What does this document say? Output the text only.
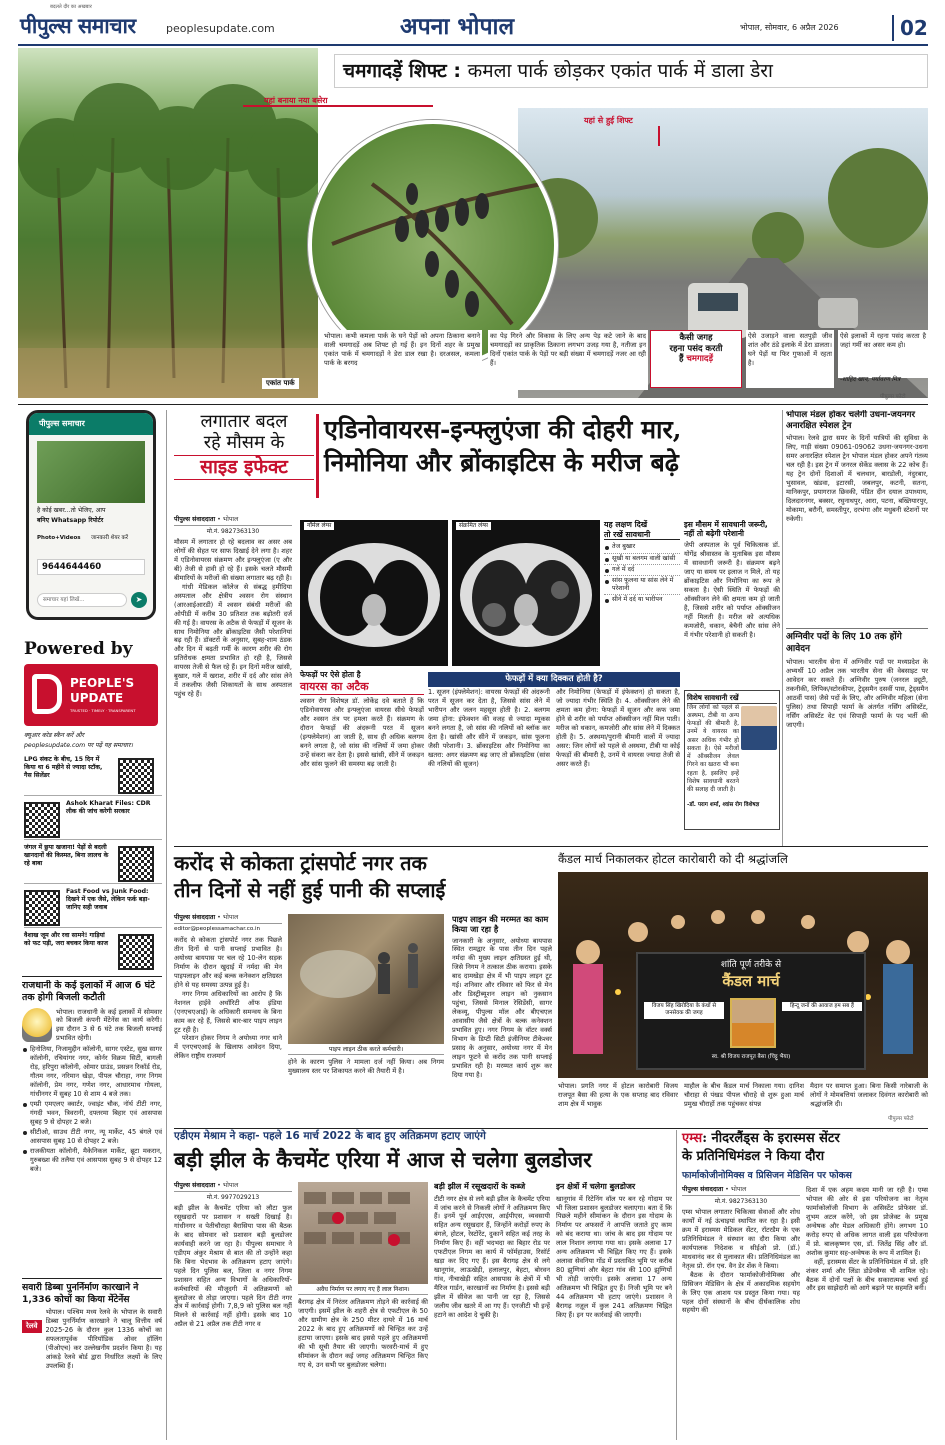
पीपुल्स समाचार
बदलते दौर का अखबार
peoplesupdate.com	अपना भोपाल	भोपाल, सोमवार, 6 अप्रैल 2026	02
एकांत पार्क
चमगादड़ें शिफ्ट : कमला पार्क छोड़कर एकांत पार्क में डाला डेरा
यहां बनाया नया बसेरा
यहां से हुई शिफ्ट
भोपाल। कभी कमला पार्क के घने पेड़ों को अपना ठिकाना बनाने वाली चमगादड़ें अब शिफ्ट हो गई हैं। इन दिनों शहर के प्रमुख एकांत पार्क में चमगादड़ों ने डेरा डाल रखा है। दरअसल, कमला पार्क के बरगद
का पेड़ गिरने और विकास के लिए अन्य पेड़ कटे जाने के बाद चमगादड़ों का प्राकृतिक ठिकाना लगभग उजड़ गया है, नतीजा इन दिनों एकांत पार्क के पेड़ों पर बड़ी संख्या में चमगादड़ें नजर आ रही हैं।
कैसी जगह
रहना पसंद करती
हैं चमगादड़ें
ऐसे उजाड़ने वाला सतपुड़ी जीव शांत और ठंडे इलाके में डेरा डालता। घने पेड़ों या फिर गुफाओं में रहता है।
ऐसे इलाकों में रहना पसंद करता है जहां गर्मी का असर कम हो।
-शाहिद खान, पर्यावरण मित्र
पीपुल्स फोटो
पीपुल्स समाचार
है कोई खबर...तो भेजिए, आप
बनिए Whatsapp रिपोर्टर
Photo+Videos जानकारी शेयर करें
9644644460
समाचार यहां लिखें...	➤
Powered by
PEOPLE'S
UPDATE
TRUSTED · TIMELY · TRANSPARENT
क्यूआर कोड स्कैन करें और
peoplesupdate.com पर पढ़ें यह समाचार।
LPG संकट के बीच, 15 दिन में किया था 6 महीने से ज्यादा स्टॉक, गैस सिलेंडर
Ashok Kharat Files: CDR लीक की जांच करेगी सरकार
जंगल में छुपा खजाना! पेड़ों से बदली खानदानों की किस्मत, बिना लालच के रहे बाबा
Fast Food vs Junk Food: दिखने में एक जैसे, लेकिन फर्क बड़ा- जानिए सही जवाब
वैशाख जूम और रवा सामने! गाड़ियां को फट पड़ी, जरा बचकर किया काज
राजधानी के कई इलाकों में आज 6 घंटे तक होगी बिजली कटौती
भोपाल। राजधानी के कई इलाकों में सोमवार को बिजली कंपनी मेंटेनेंस का कार्य करेगी। इस दौरान 3 से 6 घंटे तक बिजली सप्लाई प्रभावित रहेगी।
हिनोतिया, निजामुद्दीन कॉलोनी, सागर एस्टेट, सुख सागर कॉलोनी, रचियांगर नगर, कोर्नर विक्रम सिटी, बागली रोड़, हरिपुरा कॉलोनी, ओमार ग्राउंड, प्रसन्नन रिकॉर्ड रोड, गौतम नगर, नरिमान खेड़ा, पीपल चौराहा, नगर निगम कॉलोनी, प्रेम नगर, गणेश नगर, आधारमाथ गोयला, गांधीनगर में सुबह 10 से शाम 4 बजे तक।
एम्प्री एमएलए क्वार्टर, ज्वाइंट चौक, नॉर्थ टीटी नगर, गंगदी भवन, त्रिवरानी, दफ्तरमा बिहार एवं आसपास सुबह 9 से दोपहर 2 बजे।
सीटीओ, साउथ टीटी नगर, न्यू मार्केट, 45 बंगले एवं आसपास सुबह 10 से दोपहर 2 बजे।
राजकीयता कॉलोनी, मैकेनिकल मार्केट, ब्रूटा मकरान, गुरुबख्श की तलैया एवं आसपास सुबह 9 से दोपहर 12 बजे।
सवारी डिब्बा पुनर्निर्माण कारखाने ने 1,336 कोचों का किया मेंटेनेंस
रेलवे
भोपाल। पश्चिम मध्य रेलवे के भोपाल के सवारी डिब्बा पुनर्निर्माण कारखाने ने चालू वित्तीय वर्ष 2025-26 के दौरान कुल 1336 कोचों का सफलतापूर्वक पीरियॉडिक ओवर हॉलिंग (पीओएच) कर उल्लेखनीय प्रदर्शन किया है। यह आंकड़े रेलवे बोर्ड द्वारा निर्धारित लक्ष्यों के लिए उपलब्धि हैं।
लगातार बदल
रहे मौसम के
साइड इफेक्ट
एडिनोवायरस-इन्फ्लुएंजा की दोहरी मार,
निमोनिया और ब्रोंकाइटिस के मरीज बढ़े
पीपुल्स संवाददाता • भोपाल
मो.नं. 9827363130

मौसम में लगातार हो रहे बदलाव का असर अब लोगों की सेहत पर साफ दिखाई देने लगा है। शहर में एडिनोवायरस संक्रमण और इन्फ्लुएंजा (ए और बी) तेजी से हावी हो रहे हैं। इसके चलते मौसमी बीमारियों के मरीजों की संख्या लगातार बढ़ रही है।

गांधी मेडिकल कॉलेज से संबद्ध हमीदिया अस्पताल और क्षेत्रीय श्वसन रोग संस्थान (आरआईआरडी) में श्वसन संबंधी मरीजों की ओपीडी में करीब 30 प्रतिशत तक बढ़ोतरी दर्ज की गई है। वायरस के अटैक से फेफड़ों में सूजन के साथ निमोनिया और ब्रोंकाइटिस जैसी परेशानियां बढ़ रही हैं। डॉक्टरों के अनुसार, सुबह-शाम ठंडक और दिन में बढ़ती गर्मी के कारण शरीर की रोग प्रतिरोधक क्षमता प्रभावित हो रही है, जिससे वायरस तेजी से फैल रहे हैं। इन दिनों मरीज खांसी, बुखार, गले में खराश, शरीर में दर्द और सांस लेने में तकलीफ जैसी शिकायतों के साथ अस्पताल पहुंच रहे हैं।

नॉर्मल लंग्स	संक्रमित लंग्स	यह लक्षण दिखें
तो रखें सावधानी
तेज बुखार
सूखी या बलगम वाली खांसी
गले में दर्द
सांस फूलना या सांस लेने में परेशानी
सीने में दर्द या भारीपन
इस मौसम में सावधानी जरूरी,
नहीं तो बढ़ेगी परेशानी
जेपी अस्पताल के पूर्व चिकित्सक डॉ. योगेंद्र श्रीवास्तव के मुताबिक इस मौसम में सावधानी जरूरी है। संक्रमण बढ़ने जाए या समय पर इलाज न मिले, तो यह ब्रोंकाइटिस और निमोनिया का रूप ले सकता है। ऐसी स्थिति में फेफड़ों की ऑक्सीजन लेने की क्षमता कम हो जाती है, जिससे शरीर को पर्याप्त ऑक्सीजन नहीं मिलती है। मरीज को अत्यधिक कमजोरी, थकान, बेचैनी और सांस लेने में गंभीर परेशानी हो सकती है।
फेफड़ों पर ऐसे होता है
वायरस का अटैक
श्वसन रोग विशेषज्ञ डॉ. लोकेंद्र दवे बताते हैं कि एडिनोवायरस और इन्फ्लुएंजा वायरस सीधे फेफड़ों और श्वसन तंत्र पर हमला करते हैं। संक्रमण के दौरान फेफड़ों की अंदरूनी परत में सूजन (इन्फ्लेमेशन) आ जाती है, साथ ही अधिक बलगम बनने लगता है, जो सांस की नलियों में जमा होकर उन्हें संकरा कर देता है। इससे खांसी, सीने में जकड़न और सांस फूलने की समस्या बढ़ जाती है।
फेफड़ों में क्या दिक्कत होती है?
1. सूजन (इंफ्लेमेशन): वायरस फेफड़ों की अंदरूनी परत में सूजन कर देता है, जिससे सांस लेने में भारीपन और जलन महसूस होती है। 2. बलगम जमा होना: इंफेक्शन की वजह से ज्यादा म्यूकस बनने लगता है, जो सांस की नलियों को ब्लॉक कर देता है। खांसी और सीने में जकड़न, सांस फूलना जैसी परेशानी। 3. ब्रोंकाइटिस और निमोनिया का खतरा: अगर संक्रमण बढ़ जाए तो ब्रोंकाइटिस (सांस की नलियों की सूजन)
और निमोनिया (फेफड़ों में इंफेक्शन) हो सकता है, जो ज्यादा गंभीर स्थिति है। 4. ऑक्सीजन लेने की क्षमता कम होना: फेफड़ों में सूजन और कफ जमा होने से शरीर को पर्याप्त ऑक्सीजन नहीं मिल पाती। मरीज को थकान, कमजोरी और सांस लेने में दिक्कत होती है। 5. अस्थमा/पुरानी बीमारी वालों में ज्यादा असर: जिन लोगों को पहले से अस्थमा, टीबी या कोई फेफड़ों की बीमारी है, उनमें ये वायरस ज्यादा तेजी से असर करते हैं।
विशेष सावधानी रखें
जिन लोगों को पहले से अस्थमा, टीबी या अन्य फेफड़ों की बीमारी है, उनमें ये वायरस का असर अधिक गंभीर हो सकता है। ऐसे मरीजों में ऑक्सीजन लेवल गिरने का खतरा भी बना रहता है, इसलिए इन्हें विशेष सावधानी बरतने की सलाह दी जाती है।
-डॉ. पराग शर्मा, श्वांस रोग विशेषज्ञ
भोपाल मंडल होकर चलेगी उधना-जयनगर अनारक्षित स्पेशल ट्रेन
भोपाल। रेलवे द्वारा समर के दिनों यात्रियों की सुविधा के लिए, गाड़ी संख्या 09061-09062 उधना-जयनगर-उधना समर अनारक्षित स्पेशल ट्रेन भोपाल मंडल होकर अपने गंतव्य चल रही है। इस ट्रेन में जनरल सेकेंड क्लास के 22 कोच हैं। यह ट्रेन दोनों दिशाओं में चलथान, बारडोली, नंदुरबार, भुसावल, खंडवा, इटारसी, जबलपुर, कटनी, सतना, मानिकपुर, प्रयागराज छिवकी, पंडित दीन दयाल उपाध्याय, दिलदारनगर, बक्सर, रघुनाथपुर, आरा, पटना, बख्तियारपुर, मोकामा, बरौनी, समस्तीपुर, दरभंगा और मधुबनी स्टेशनों पर रुकेगी।
अग्निवीर पदों के लिए 10 तक होंगे आवेदन
भोपाल। भारतीय सेना में अग्निवीर पदों पर मध्यप्रदेश के अभ्यर्थी 10 अप्रैल तक भारतीय सेना की वेबसाइट पर आवेदन कर सकते हैं। अग्निवीर पुरुष (जनरल ड्यूटी, तकनीकी, लिपिक/स्टोरकीपर, ट्रेड्समैन दसवीं पास, ट्रेड्समैन आठवीं पास) जैसे पदों के लिए, और अग्निवीर महिला (सेना पुलिस) तथा सिपाही फार्मा के अंतर्गत नर्सिंग असिस्टेंट, नर्सिंग असिस्टेंट वेट एवं सिपाही फार्मा के पद भर्ती की जाएगी।
करोंद से कोकता ट्रांसपोर्ट नगर तक
तीन दिनों से नहीं हुई पानी की सप्लाई
पीपुल्स संवाददाता • भोपाल
editor@peoplessamachar.co.in

करोंद से कोकता ट्रांसपोर्ट नगर तक पिछले तीन दिनों से पानी सप्लाई प्रभावित है। अयोध्या बायपास पर चल रहे 10-लेन सड़क निर्माण के दौरान खुदाई में नर्मदा की मेन पाइपलाइन और कई बल्क कनेक्शन क्षतिग्रस्त होने से यह समस्या उत्पन्न हुई है।

नगर निगम अधिकारियों का आरोप है कि नेशनल हाईवे अथॉरिटी ऑफ इंडिया (एनएचएआई) के अधिकारी समन्वय के बिना काम कर रहे हैं, जिससे बार-बार पाइप लाइन टूट रही है।

परेशान होकर निगम ने अयोध्या नगर थाने में एनएचएआई के खिलाफ आवेदन दिया, लेकिन राष्ट्रीय राजमार्ग

पाइप लाइन ठीक करते कर्मचारी।
होने के कारण पुलिस ने मामला दर्ज नहीं किया। अब निगम मुख्यालय स्तर पर शिकायत करने की तैयारी में है।
पाइप लाइन की मरम्मत का काम किया जा रहा है
जानकारी के अनुसार, अयोध्या बायपास स्थित रामद्वार के पास तीन दिन पहले नर्मदा की मुख्य लाइन क्षतिग्रस्त हुई थी, जिसे निगम ने तत्काल ठीक कराया। इसके बाद दामखेड़ा क्षेत्र में भी पाइप लाइन टूट गई। शनिवार और रविवार को फिर से मेन और डिस्ट्रीब्यूशन लाइन को नुकसान पहुंचा, जिससे मिनाल रेसिडेंसी, सागर लेकव्यू, पीपुल्स मॉल और बीएचएल आवासीय जैसे क्षेत्रों के बल्क कनेक्शन प्रभावित हुए। नगर निगम के वॉटर वर्क्स विभाग के डिप्टी सिटी इंजीनियर टीकेश्वर प्रसाद के अनुसार, अयोध्या नगर में मेन लाइन फूटने से करोंद तक पानी सप्लाई प्रभावित रही है। मरम्मत कार्य शुरू कर दिया गया है।
कैंडल मार्च निकालकर होटल कारोबारी को दी श्रद्धांजलि
शांति पूर्ण तरीके से
कैंडल मार्च
विजय सिंह खिरोदिया के कंधों से जनसेवक की जगह
हिन्दू जनों की आवाज हम सब हैं
स्व. श्री विजय राजपूत बैसा (चिट्टू भैया)
भोपाल। प्रगति नगर में होटल कारोबारी विजय राजपूत बैसा की हत्या के एक सप्ताह बाद रविवार शाम क्षेत्र में भावुक
माहौल के बीच कैंडल मार्च निकाला गया। दानिश चौराहा से पंखड पीपल चौराहे से शुरू हुआ मार्च प्रमुख चौराहों तक पहुंचकर संपन्न
मैदान पर समाप्त हुआ। बिना किसी नारेबाजी के लोगों ने मोमबत्तियां जलाकर दिवंगत कारोबारी को श्रद्धांजलि दी।
पीपुल्स फोटो
एडीएम मेश्राम ने कहा- पहले 16 मार्च 2022 के बाद हुए अतिक्रमण हटाए जाएंगे
बड़ी झील के कैचमेंट एरिया में आज से चलेगा बुलडोजर
पीपुल्स संवाददाता • भोपाल
मो.नं. 9977029213
बड़ी झील के कैचमेंट एरिया को लौटा फुल रसूखदारों पर प्रशासन न सख्ती दिखाई है। गांधीनगर व पेतीचौराहा बैरासिया पास की बैठक के बाद सोमवार को प्रशासन बड़ी बुलडोजर कार्यवाही करने जा रहा है। पीपुल्स समाचार ने एडीएम अंकुर मेश्राम से बात की तो उन्होंने कहा कि बिना भेदभाव के अतिक्रमण हटाए जाएंगे। पहले दिन पुलिस बल, जिला व नगर निगम प्रशासन सहित अन्य विभागों के अधिकारियों-कर्मचारियों की मौजूदगी में अतिक्रमणों को बुलडोजर से तोड़ा जाएगा। पहले दिन टीटी नगर क्षेत्र में कार्रवाई होगी। 7,8,9 को पुलिस बल नहीं मिलने से कार्रवाई नहीं होगी। इसके बाद 10 अप्रैल से 21 अप्रैल तक टीटी नगर व
अवैध निर्माण पर लगाए गए हैं लाल निशान।
बैरागढ़ क्षेत्र में निरंतर अतिक्रमण तोड़ने की कार्रवाई की जाएगी। इसमें झील के शहरी क्षेत्र से एफटीएल के 50 और ग्रामीण क्षेत्र के 250 मीटर दायरे में 16 मार्च 2022 के बाद हुए अतिक्रमणों को चिन्हित कर उन्हें हटाया जाएगा। इसके बाद इससे पहले हुए अतिक्रमणों की भी सूची तैयार की जाएगी। फरवरी-मार्च में हुए सीमांकन के दौरान कई जगह अतिक्रमण चिन्हित किए गए थे, उन सभी पर बुलडोजर चलेगा।
बड़ी झील में रसूखदारों के कब्जे
टीटी नगर क्षेत्र से लगे बड़ी झील के कैचमेंट एरिया में जांच करने से निकली लोगों ने अतिक्रमण किए हैं। इनमें पूर्व आईएएस, आईपीएस, व्यवसायी सहित अन्य रसूखदार हैं, जिन्होंने करोड़ों रुपए के बंगले, होटल, रेस्टोरेंट, दुकानें सहित कई तरह के निर्माण किए हैं। वहीं भदभदा का बिहार रोड पर एफटीएल निगम का कार्य में फॉर्महाउस, रिसॉर्ट खड़ा कर दिए गए हैं। इस बैरागढ़ क्षेत्र से लगे खानूगांव, लाऊखेड़ी, हलालपुर, बेहटा, बोरवन गांव, नीचाखेड़ी सहित आसपास के क्षेत्रों में भी मैरिज गार्डन, कारखानों का निर्माण है। इससे बड़ी झील में सीवेज का पानी जा रहा है, जिससे जलीय जीव खतरे में आ गए हैं। एनजीटी भी इन्हें हटाने का आदेश दे चुकी है।
इन क्षेत्रों में चलेगा बुलडोजर
खानूगांव में रिटेनिंग वॉल पर बन रहे गोदाम पर भी जिला प्रशासन बुलडोजर चलाएगा। बता दें कि पिछले महीने सीमांकन के दौरान इस गोदाम के निर्माण पर अफसरों ने आपत्ति जताते हुए काम को बंद कराया था। जांच के बाद इस गोदाम पर लाल निशान लगाया गया था। इसके अलावा 17 अन्य अतिक्रमण भी चिह्नित किए गए हैं। इसके अलावा सेवनिया गोंड में प्रस्तावित भूमि पर करीब 80 झुग्गियां और बेहटा गांव की 100 झुग्गियों भी तोड़ी जाएंगी। इसके अलावा 17 अन्य अतिक्रमण भी चिह्नित हुए हैं। निजी भूमि पर बने 44 अतिक्रमण भी हटाए जाएंगे। प्रशासन ने बैरागढ़ नज़ूल में कुल 241 अतिक्रमण चिह्नित किए हैं। इन पर कार्रवाई की जाएगी।
एम्स: नीदरलैंड्स के इरास्मस सेंटर
के प्रतिनिधिमंडल ने किया दौरा
फार्माकोजीनोमिक्स व प्रिसिजन मेडिसिन पर फोकस
पीपुल्स संवाददाता • भोपाल
मो.नं. 9827363130

एम्स भोपाल लगातार चिकित्सा सेवाओं और शोध कार्यों में नई ऊंचाइयां स्थापित कर रहा है। इसी क्रम में इरास्मस मेडिकल सेंटर, रॉटरडैम के एक प्रतिनिधिमंडल ने संस्थान का दौरा किया और कार्यपालक निदेशक व सीईओ प्रो. (डॉ.) माधवानंद कर से मुलाकात की। प्रतिनिधिमंडल का नेतृत्व प्रो. रॉन एच. वैन डेर शेंक ने किया।

बैठक के दौरान फार्माकोजीनोमिक्स और प्रिसिजन मेडिसिन के क्षेत्र में अकादमिक सहयोग के लिए एक आशय पत्र प्रस्तुत किया गया। यह पहल दोनों संस्थानों के बीच दीर्घकालिक शोध सहयोग की

दिशा में एक अहम कदम मानी जा रही है। एम्स भोपाल की ओर से इस परियोजना का नेतृत्व फार्माकोलॉजी विभाग के असिस्टेंट प्रोफेसर डॉ. शुभम अटल करेंगे, जो इस प्रोजेक्ट के प्रमुख अन्वेषक और मेडल अधिकारी होंगे। लगभग 10 करोड़ रुपए से अधिक लागत वाली इस परियोजना में प्रो. बालकृष्णन एस, डॉ. जितेंद्र सिंह और डॉ. अशोक कुमार सह-अन्वेषक के रूप में शामिल हैं।

वहीं, इरास्मस सेंटर के प्रतिनिधिमंडल में प्रो. हरि शंकर शर्मा और लिंडा डोडेनबैग्स भी शामिल रहे। बैठक में दोनों पक्षों के बीच सकारात्मक चर्चा हुई और इस साझेदारी को आगे बढ़ाने पर सहमति बनी।
